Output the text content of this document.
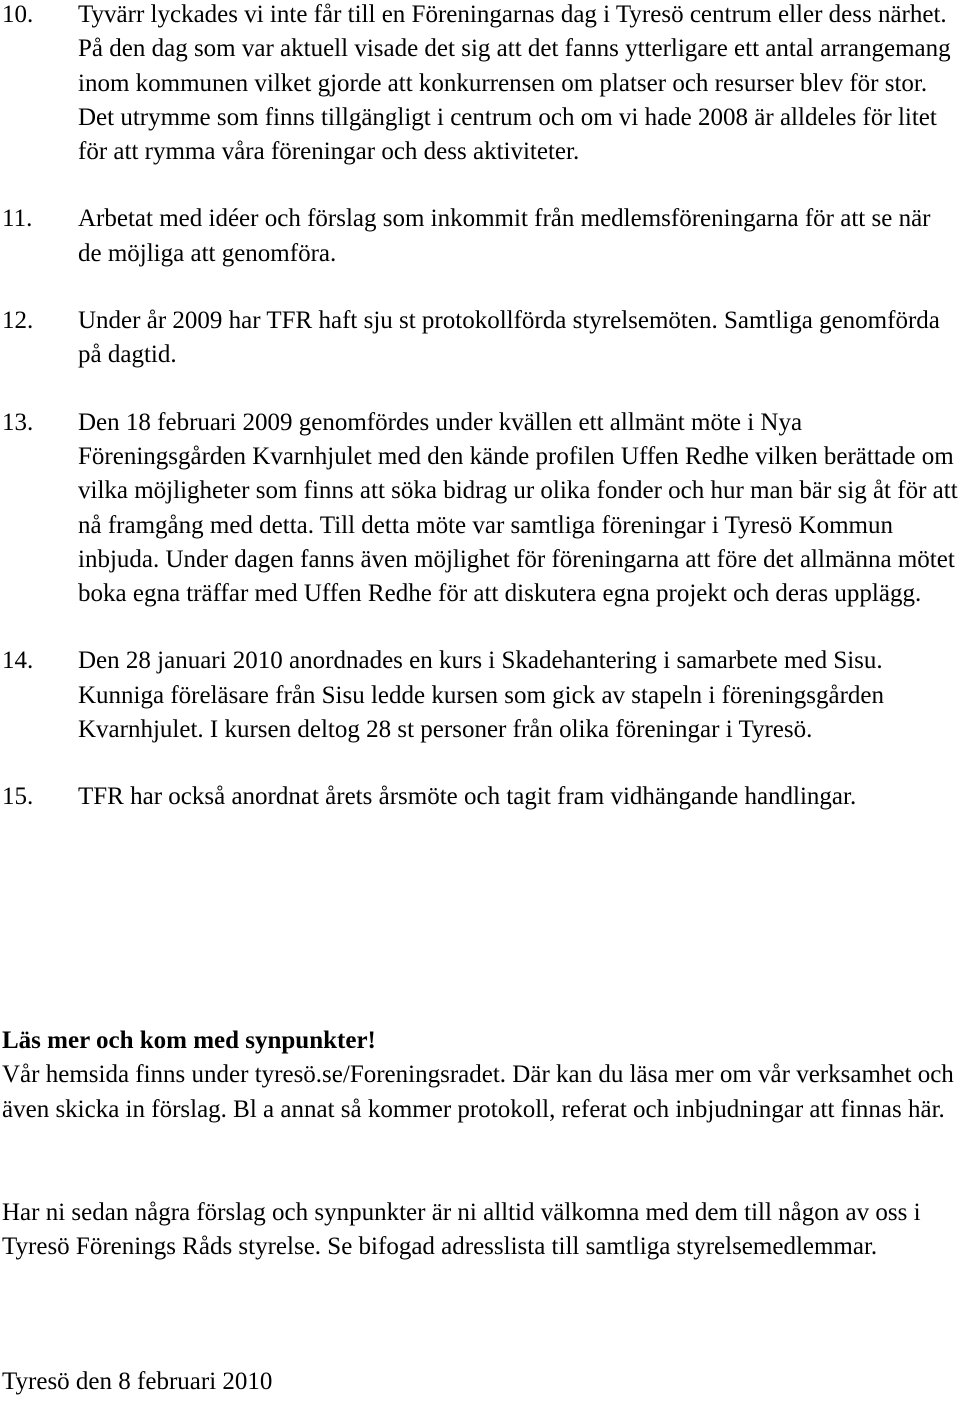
10. Tyvärr lyckades vi inte får till en Föreningarnas dag i Tyresö centrum eller dess närhet. På den dag som var aktuell visade det sig att det fanns ytterligare ett antal arrangemang inom kommunen vilket gjorde att konkurrensen om platser och resurser blev för stor. Det utrymme som finns tillgängligt i centrum och om vi hade 2008 är alldeles för litet för att rymma våra föreningar och dess aktiviteter.
11. Arbetat med idéer och förslag som inkommit från medlemsföreningarna för att se när de möjliga att genomföra.
12. Under år 2009 har TFR haft sju st protokollförda styrelsemöten. Samtliga genomförda på dagtid.
13. Den 18 februari 2009 genomfördes under kvällen ett allmänt möte i Nya Föreningsgården Kvarnhjulet med den kände profilen Uffen Redhe vilken berättade om vilka möjligheter som finns att söka bidrag ur olika fonder och hur man bär sig åt för att nå framgång med detta. Till detta möte var samtliga föreningar i Tyresö Kommun inbjuda. Under dagen fanns även möjlighet för föreningarna att före det allmänna mötet boka egna träffar med Uffen Redhe för att diskutera egna projekt och deras upplägg.
14. Den 28 januari 2010 anordnades en kurs i Skadehantering i samarbete med Sisu. Kunniga föreläsare från Sisu ledde kursen som gick av stapeln i föreningsgården Kvarnhjulet. I kursen deltog 28 st personer från olika föreningar i Tyresö.
15. TFR har också anordnat årets årsmöte och tagit fram vidhängande handlingar.
Läs mer och kom med synpunkter!
Vår hemsida finns under tyresö.se/Foreningsradet. Där kan du läsa mer om vår verksamhet och även skicka in förslag. Bl a annat så kommer protokoll, referat och inbjudningar att finnas här.
Har ni sedan några förslag och synpunkter är ni alltid välkomna med dem till någon av oss i Tyresö Förenings Råds styrelse. Se bifogad adresslista till samtliga styrelsemedlemmar.
Tyresö den 8 februari 2010
